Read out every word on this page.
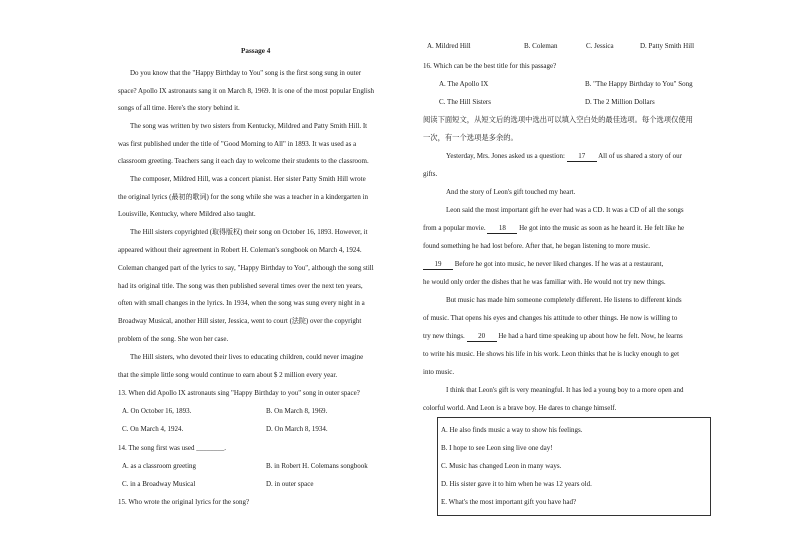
Passage 4
Do you know that the "Happy Birthday to You" song is the first song sung in outer
space? Apollo IX astronauts sang it on March 8, 1969. It is one of the most popular English
songs of all time. Here's the story behind it.
The song was written by two sisters from Kentucky, Mildred and Patty Smith Hill. It
was first published under the title of "Good Morning to All" in 1893. It was used as a
classroom greeting. Teachers sang it each day to welcome their students to the classroom.
The composer, Mildred Hill, was a concert pianist. Her sister Patty Smith Hill wrote
the original lyrics (最初的歌词) for the song while she was a teacher in a kindergarten in
Louisville, Kentucky, where Mildred also taught.
The Hill sisters copyrighted (取得版权) their song on October 16, 1893. However, it
appeared without their agreement in Robert H. Coleman's songbook on March 4, 1924.
Coleman changed part of the lyrics to say, "Happy Birthday to You", although the song still
had its original title. The song was then published several times over the next ten years,
often with small changes in the lyrics. In 1934, when the song was sung every night in a
Broadway Musical, another Hill sister, Jessica, went to court (法院) over the copyright
problem of the song. She won her case.
The Hill sisters, who devoted their lives to educating children, could never imagine
that the simple little song would continue to earn about $ 2 million every year.
13. When did Apollo IX astronauts sing "Happy Birthday to you" song in outer space?
A. On October 16, 1893.	B. On March 8, 1969.
C. On March 4, 1924.	D. On March 8, 1934.
14. The song first was used ________.
A. as a classroom greeting	B. in Robert H. Colemans songbook
C. in a Broadway Musical	D. in outer space
15. Who wrote the original lyrics for the song?
A. Mildred Hill	B. Coleman	C. Jessica	D. Patty Smith Hill
16. Which can be the best title for this passage?
A. The Apollo IX	B. "The Happy Birthday to You" Song
C. The Hill Sisters	D. The 2 Million Dollars
阅读下面短文，从短文后的选项中选出可以填入空白处的最佳选项。每个选项仅使用
一次，有一个选项是多余的。
Yesterday, Mrs. Jones asked us a question: 17 All of us shared a story of our
gifts.
And the story of Leon's gift touched my heart.
Leon said the most important gift he ever had was a CD. It was a CD of all the songs
from a popular movie. 18 He got into the music as soon as he heard it. He felt like he
found something he had lost before. After that, he began listening to more music.
19 Before he got into music, he never liked changes. If he was at a restaurant,
he would only order the dishes that he was familiar with. He would not try new things.
But music has made him someone completely different. He listens to different kinds
of music. That opens his eyes and changes his attitude to other things. He now is willing to
try new things. 20 He had a hard time speaking up about how he felt. Now, he learns
to write his music. He shows his life in his work. Leon thinks that he is lucky enough to get
into music.
I think that Leon's gift is very meaningful. It has led a young boy to a more open and
colorful world. And Leon is a brave boy. He dares to change himself.
A. He also finds music a way to show his feelings.
B. I hope to see Leon sing live one day!
C. Music has changed Leon in many ways.
D. His sister gave it to him when he was 12 years old.
E. What's the most important gift you have had?
